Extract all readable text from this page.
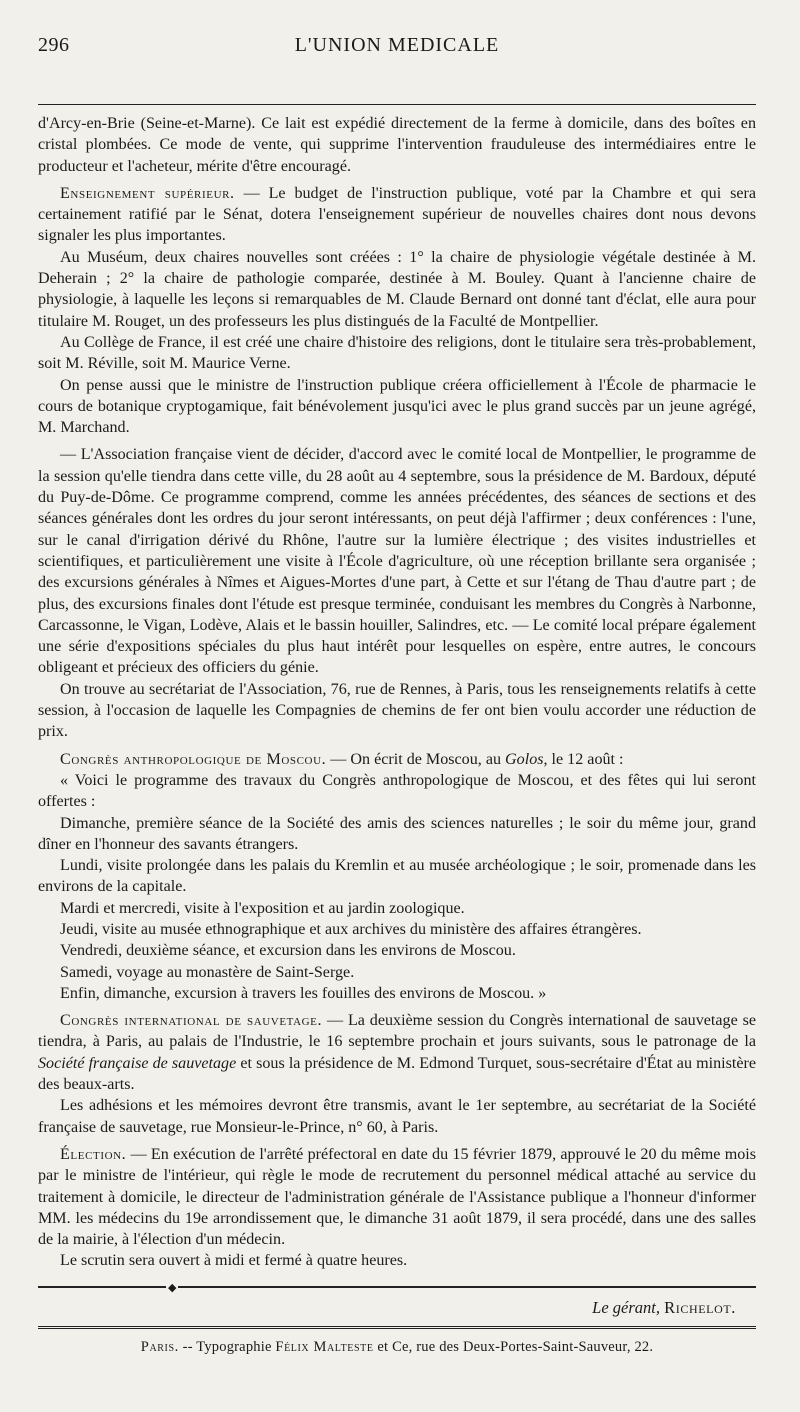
296	L'UNION MEDICALE

d'Arcy-en-Brie (Seine-et-Marne). Ce lait est expédié directement de la ferme à domicile, dans des boîtes en cristal plombées. Ce mode de vente, qui supprime l'intervention frauduleuse des intermédiaires entre le producteur et l'acheteur, mérite d'être encouragé.

Enseignement supérieur. — Le budget de l'instruction publique, voté par la Chambre et qui sera certainement ratifié par le Sénat, dotera l'enseignement supérieur de nouvelles chaires dont nous devons signaler les plus importantes.

Au Muséum, deux chaires nouvelles sont créées : 1° la chaire de physiologie végétale destinée à M. Deherain ; 2° la chaire de pathologie comparée, destinée à M. Bouley. Quant à l'ancienne chaire de physiologie, à laquelle les leçons si remarquables de M. Claude Bernard ont donné tant d'éclat, elle aura pour titulaire M. Rouget, un des professeurs les plus distingués de la Faculté de Montpellier.

Au Collège de France, il est créé une chaire d'histoire des religions, dont le titulaire sera très-probablement, soit M. Réville, soit M. Maurice Verne.

On pense aussi que le ministre de l'instruction publique créera officiellement à l'École de pharmacie le cours de botanique cryptogamique, fait bénévolement jusqu'ici avec le plus grand succès par un jeune agrégé, M. Marchand.

— L'Association française vient de décider, d'accord avec le comité local de Montpellier, le programme de la session qu'elle tiendra dans cette ville, du 28 août au 4 septembre, sous la présidence de M. Bardoux, député du Puy-de-Dôme. Ce programme comprend, comme les années précédentes, des séances de sections et des séances générales dont les ordres du jour seront intéressants, on peut déjà l'affirmer ; deux conférences : l'une, sur le canal d'irrigation dérivé du Rhône, l'autre sur la lumière électrique ; des visites industrielles et scientifiques, et particulièrement une visite à l'École d'agriculture, où une réception brillante sera organisée ; des excursions générales à Nîmes et Aigues-Mortes d'une part, à Cette et sur l'étang de Thau d'autre part ; de plus, des excursions finales dont l'étude est presque terminée, conduisant les membres du Congrès à Narbonne, Carcassonne, le Vigan, Lodève, Alais et le bassin houiller, Salindres, etc. — Le comité local prépare également une série d'expositions spéciales du plus haut intérêt pour lesquelles on espère, entre autres, le concours obligeant et précieux des officiers du génie.

On trouve au secrétariat de l'Association, 76, rue de Rennes, à Paris, tous les renseignements relatifs à cette session, à l'occasion de laquelle les Compagnies de chemins de fer ont bien voulu accorder une réduction de prix.

Congrès anthropologique de Moscou. — On écrit de Moscou, au Golos, le 12 août :

« Voici le programme des travaux du Congrès anthropologique de Moscou, et des fêtes qui lui seront offertes :

Dimanche, première séance de la Société des amis des sciences naturelles ; le soir du même jour, grand dîner en l'honneur des savants étrangers.

Lundi, visite prolongée dans les palais du Kremlin et au musée archéologique ; le soir, promenade dans les environs de la capitale.

Mardi et mercredi, visite à l'exposition et au jardin zoologique.

Jeudi, visite au musée ethnographique et aux archives du ministère des affaires étrangères.

Vendredi, deuxième séance, et excursion dans les environs de Moscou.

Samedi, voyage au monastère de Saint-Serge.

Enfin, dimanche, excursion à travers les fouilles des environs de Moscou. »

Congrès international de sauvetage. — La deuxième session du Congrès international de sauvetage se tiendra, à Paris, au palais de l'Industrie, le 16 septembre prochain et jours suivants, sous le patronage de la Société française de sauvetage et sous la présidence de M. Edmond Turquet, sous-secrétaire d'État au ministère des beaux-arts.

Les adhésions et les mémoires devront être transmis, avant le 1er septembre, au secrétariat de la Société française de sauvetage, rue Monsieur-le-Prince, n° 60, à Paris.

Élection. — En exécution de l'arrêté préfectoral en date du 15 février 1879, approuvé le 20 du même mois par le ministre de l'intérieur, qui règle le mode de recrutement du personnel médical attaché au service du traitement à domicile, le directeur de l'administration générale de l'Assistance publique a l'honneur d'informer MM. les médecins du 19e arrondissement que, le dimanche 31 août 1879, il sera procédé, dans une des salles de la mairie, à l'élection d'un médecin.

Le scrutin sera ouvert à midi et fermé à quatre heures.

◆
Le gérant, Richelot.
Paris. -- Typographie Félix Malteste et Ce, rue des Deux-Portes-Saint-Sauveur, 22.
